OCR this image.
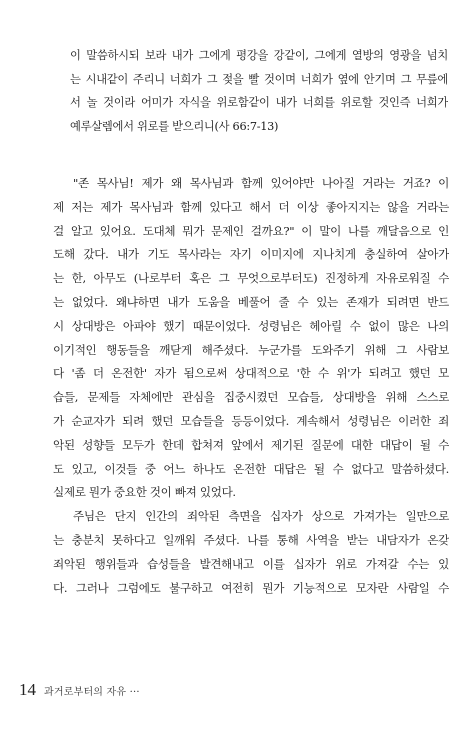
이 말씀하시되 보라 내가 그에게 평강을 강같이, 그에게 열방의 영광을 넘치
는 시내같이 주리니 너희가 그 젖을 빨 것이며 너희가 옆에 안기며 그 무릎에
서 놀 것이라 어미가 자식을 위로함같이 내가 너희를 위로할 것인즉 너희가
예루살렘에서 위로를 받으리니(사 66:7-13)
"존 목사님! 제가 왜 목사님과 함께 있어야만 나아질 거라는 거죠? 이
제 저는 제가 목사님과 함께 있다고 해서 더 이상 좋아지지는 않을 거라는
걸 알고 있어요. 도대체 뭐가 문제인 걸까요?" 이 말이 나를 깨달음으로 인
도해 갔다. 내가 기도 목사라는 자기 이미지에 지나치게 충실하여 살아가
는 한, 아무도 (나로부터 혹은 그 무엇으로부터도) 진정하게 자유로워질 수
는 없었다. 왜냐하면 내가 도움을 베풀어 줄 수 있는 존재가 되려면 반드
시 상대방은 아파야 했기 때문이었다. 성령님은 헤아릴 수 없이 많은 나의
이기적인 행동들을 깨닫게 해주셨다. 누군가를 도와주기 위해 그 사람보
다 '좀 더 온전한' 자가 됨으로써 상대적으로 '한 수 위'가 되려고 했던 모
습들, 문제들 자체에만 관심을 집중시켰던 모습들, 상대방을 위해 스스로
가 순교자가 되려 했던 모습들을 등등이었다. 계속해서 성령님은 이러한 죄
악된 성향들 모두가 한데 합쳐져 앞에서 제기된 질문에 대한 대답이 될 수
도 있고, 이것들 중 어느 하나도 온전한 대답은 될 수 없다고 말씀하셨다.
실제로 뭔가 중요한 것이 빠져 있었다.
주님은 단지 인간의 죄악된 측면을 십자가 상으로 가져가는 일만으로
는 충분치 못하다고 일깨워 주셨다. 나를 통해 사역을 받는 내담자가 온갖
죄악된 행위들과 습성들을 발견해내고 이를 십자가 위로 가져갈 수는 있
다. 그러나 그럼에도 불구하고 여전히 뭔가 기능적으로 모자란 사람일 수
14 과거로부터의 자유 ···
